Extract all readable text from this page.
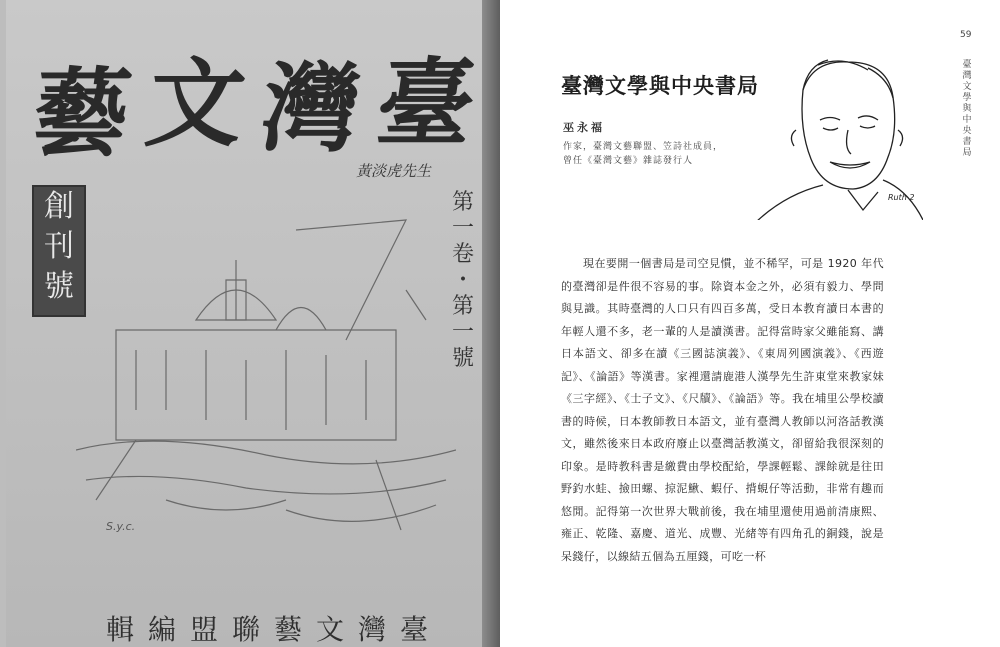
藝 文 灣 臺
黃淡虎先生
創
刊
號
第
一
卷
・
第
一
號
S.y.c.
輯編盟聯藝文灣臺
59
臺灣文學與中央書局
臺灣文學與中央書局
巫永福
作家，臺灣文藝聯盟、笠詩社成員，
曾任《臺灣文藝》雜誌發行人
Ruth 2

現在要開一個書局是司空見慣，並不稀罕，可是 1920 年代的臺灣卻是件很不容易的事。除資本金之外，必須有毅力、學問與見識。其時臺灣的人口只有四百多萬，受日本教育讀日本書的年輕人還不多，老一輩的人是讀漢書。記得當時家父雖能寫、講日本語文、卻多在讀《三國誌演義》、《東周列國演義》、《西遊記》、《論語》等漢書。家裡還請鹿港人漢學先生許東堂來教家妹《三字經》、《士子文》、《尺牘》、《論語》等。我在埔里公學校讀書的時候，日本教師教日本語文，並有臺灣人教師以河洛話教漢文，雖然後來日本政府廢止以臺灣話教漢文，卻留給我很深刻的印象。是時教科書是繳費由學校配給，學課輕鬆、課餘就是往田野釣水蛙、撿田螺、掠泥鰍、蝦仔、揹蜆仔等活動，非常有趣而悠閒。記得第一次世界大戰前後，我在埔里還使用過前清康熙、雍正、乾隆、嘉慶、道光、成豐、光緒等有四角孔的銅錢，說是呆錢仔，以線結五個為五厘錢，可吃一杯
